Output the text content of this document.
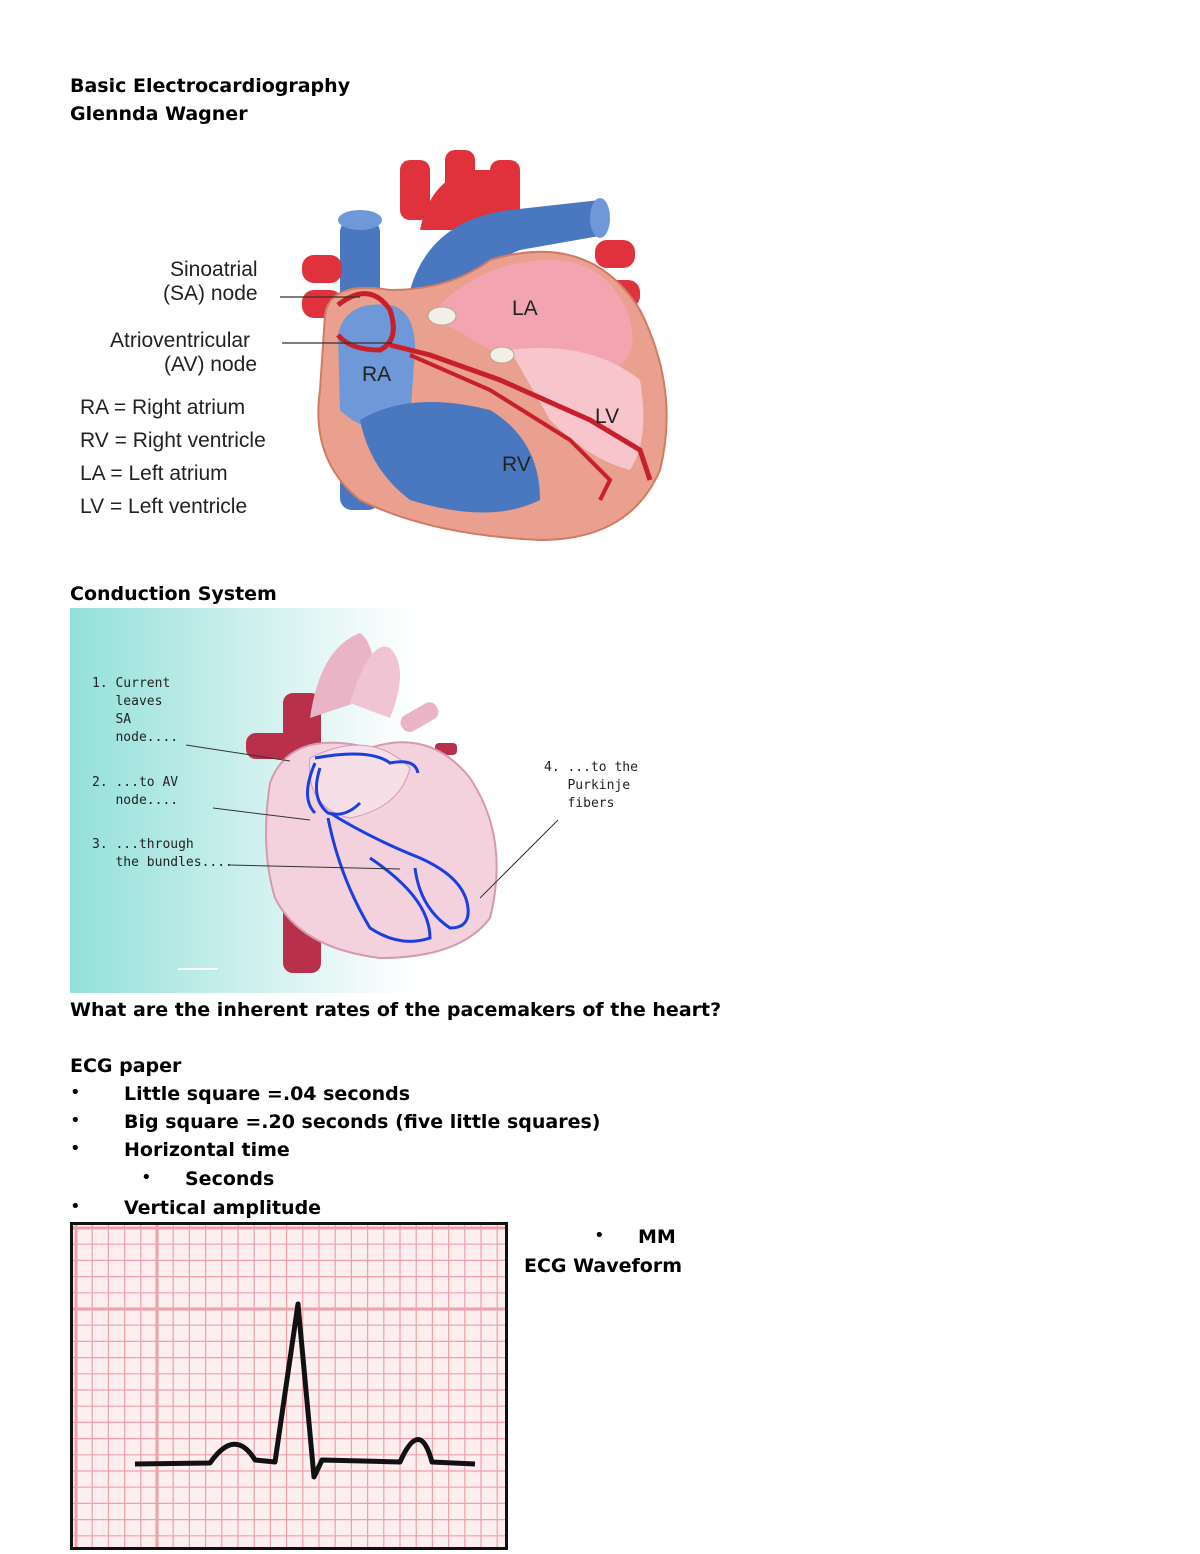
Basic Electrocardiography
Glennda Wagner
Sinoatrial
(SA) node
Atrioventricular
(AV) node	RA
RV
LA
LV
RA = Right atrium
RV = Right ventricle
LA = Left atrium
LV = Left ventricle
Conduction System
1. Current
leaves
SA
node....
2. ...to AV
node....
3. ...through
the bundles....
4. ...to the
Purkinje
fibers
What are the inherent rates of the pacemakers of the heart?
ECG paper
• Little square =.04 seconds
• Big square =.20 seconds (five little squares)
• Horizontal time
• Seconds
• Vertical amplitude
• MM
ECG Waveform
